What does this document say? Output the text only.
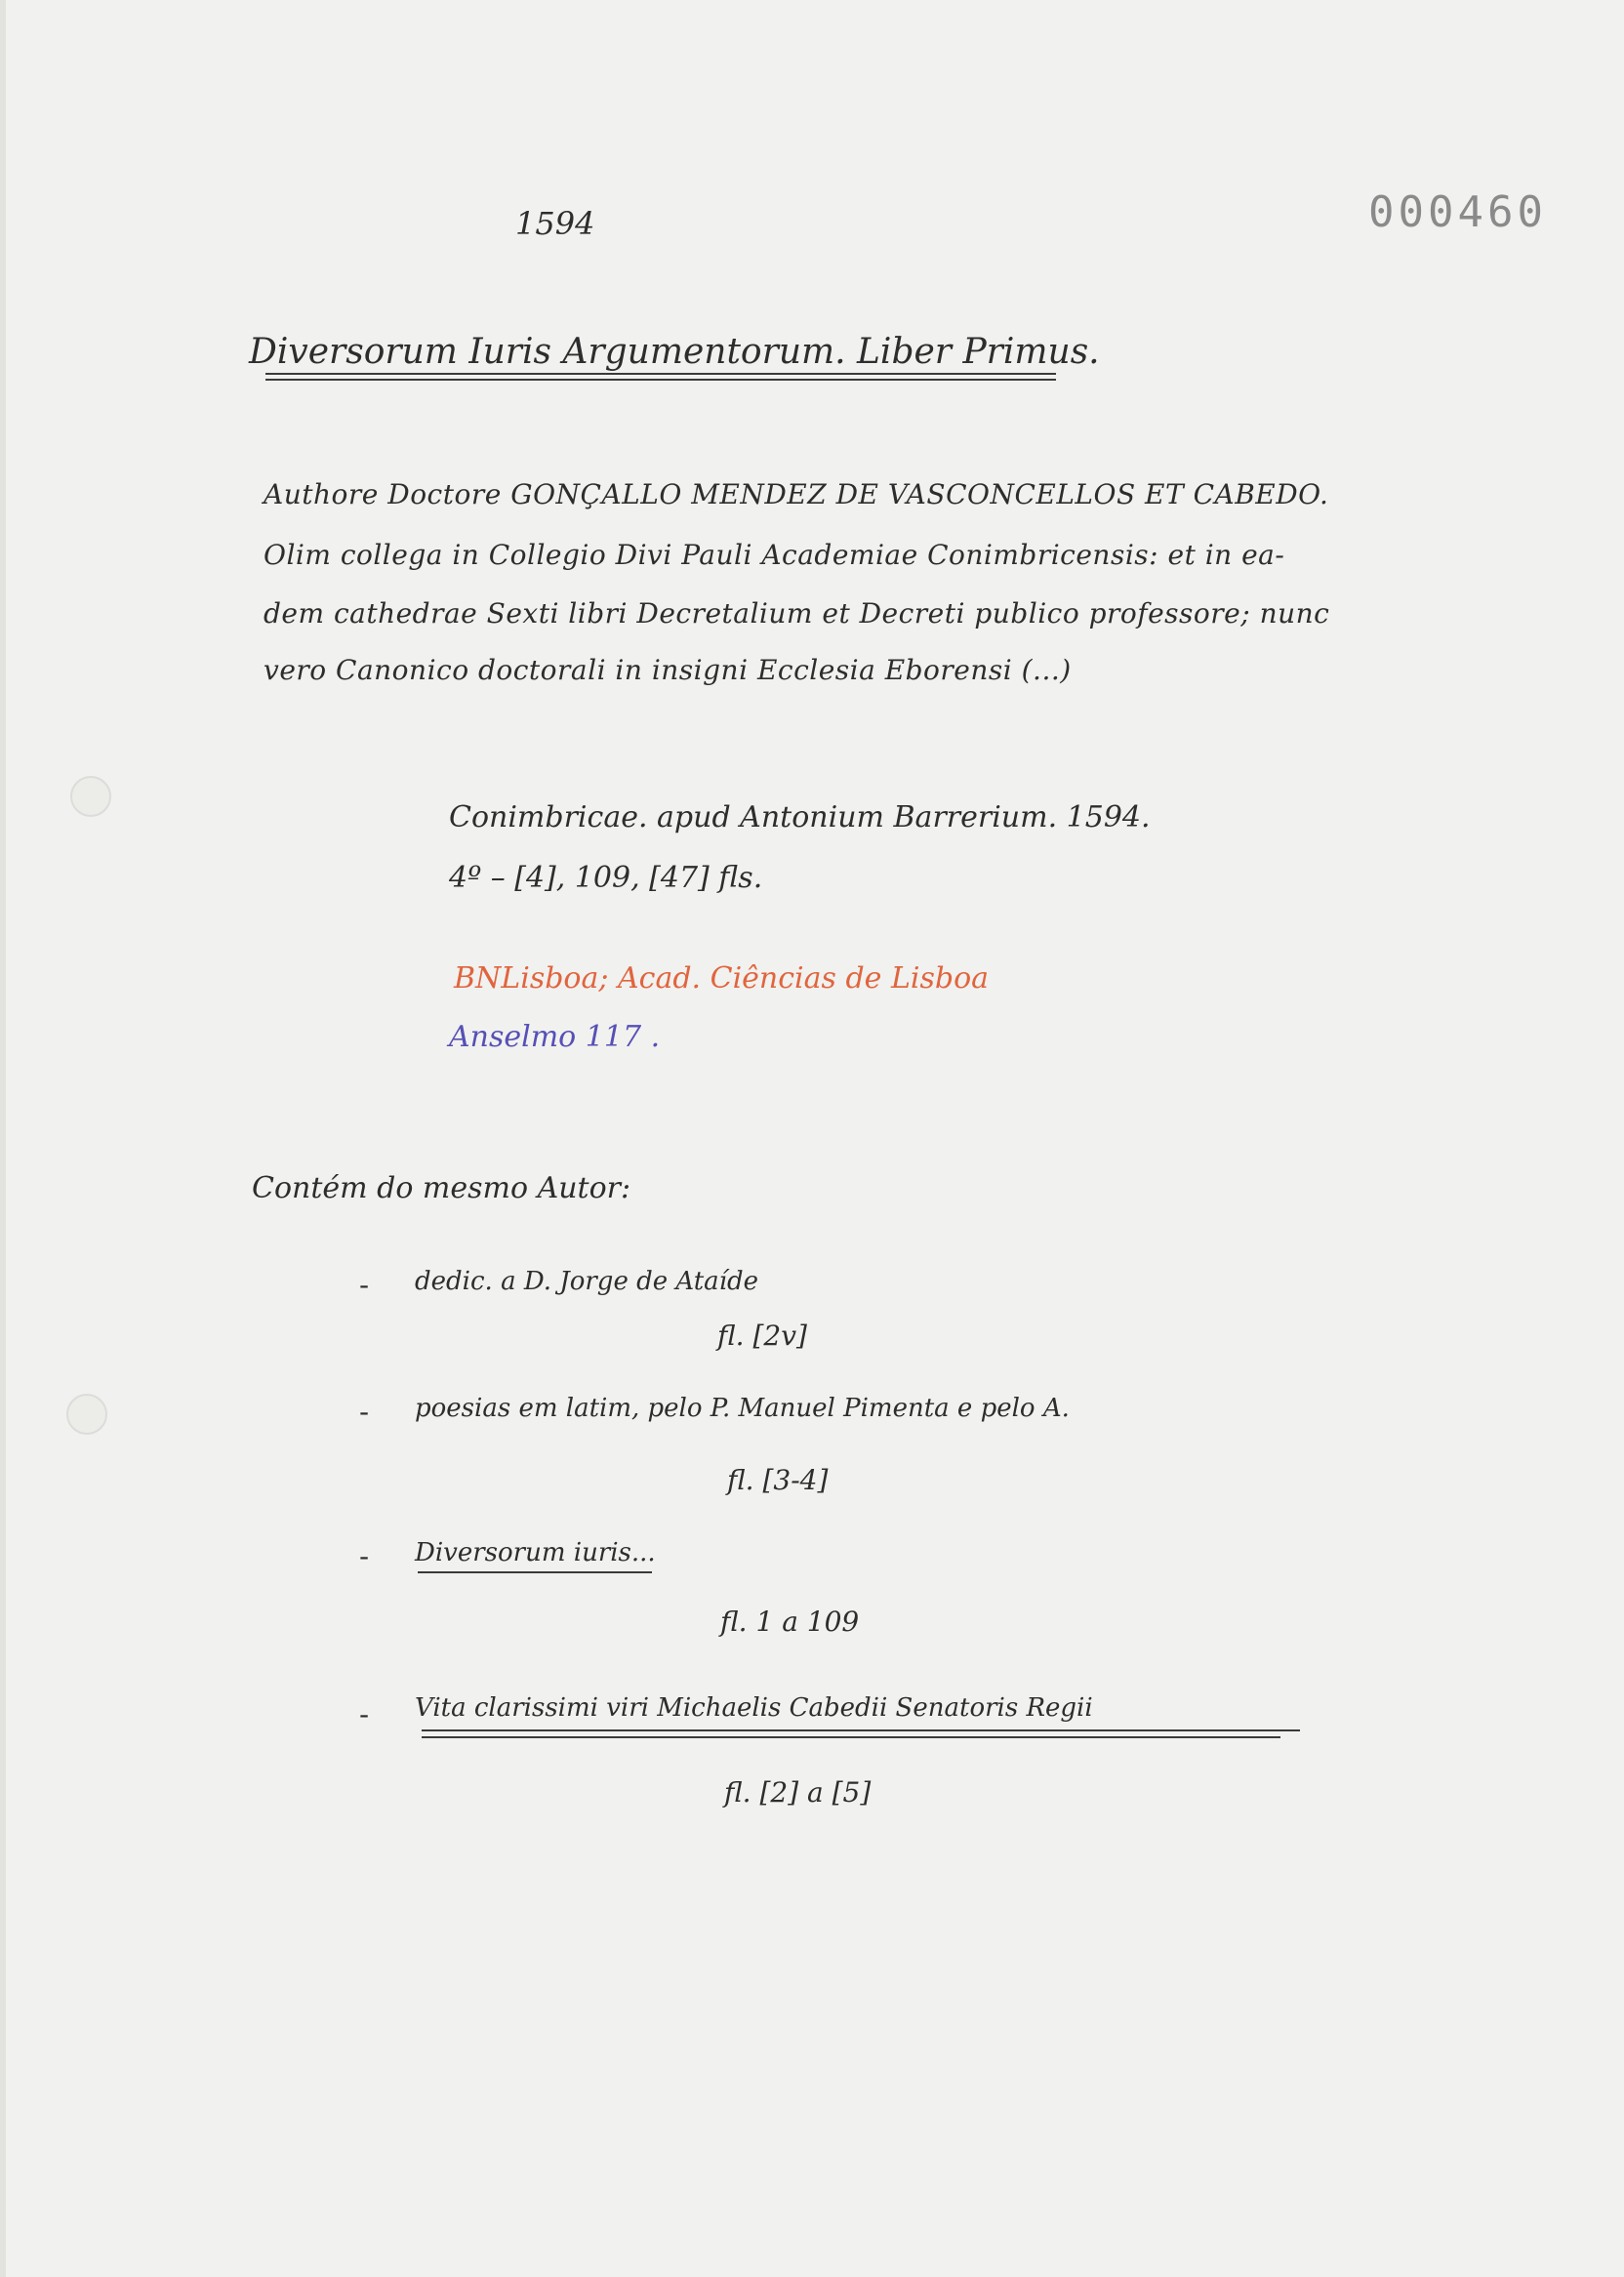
1594	000460
Diversorum Iuris Argumentorum. Liber Primus.
Authore Doctore GONÇALLO MENDEZ DE VASCONCELLOS ET CABEDO.
Olim collega in Collegio Divi Pauli Academiae Conimbricensis: et in ea-
dem cathedrae Sexti libri Decretalium et Decreti publico professore; nunc
vero Canonico doctorali in insigni Ecclesia Eborensi (...)
Conimbricae. apud Antonium Barrerium. 1594.
4º – [4], 109, [47] fls.
BNLisboa; Acad. Ciências de Lisboa
Anselmo 117 .
Contém do mesmo Autor:
- dedic. a D. Jorge de Ataíde
fl. [2v]
- poesias em latim, pelo P. Manuel Pimenta e pelo A.
fl. [3-4]
- Diversorum iuris...
fl. 1 a 109
- Vita clarissimi viri Michaelis Cabedii Senatoris Regii
fl. [2] a [5]
